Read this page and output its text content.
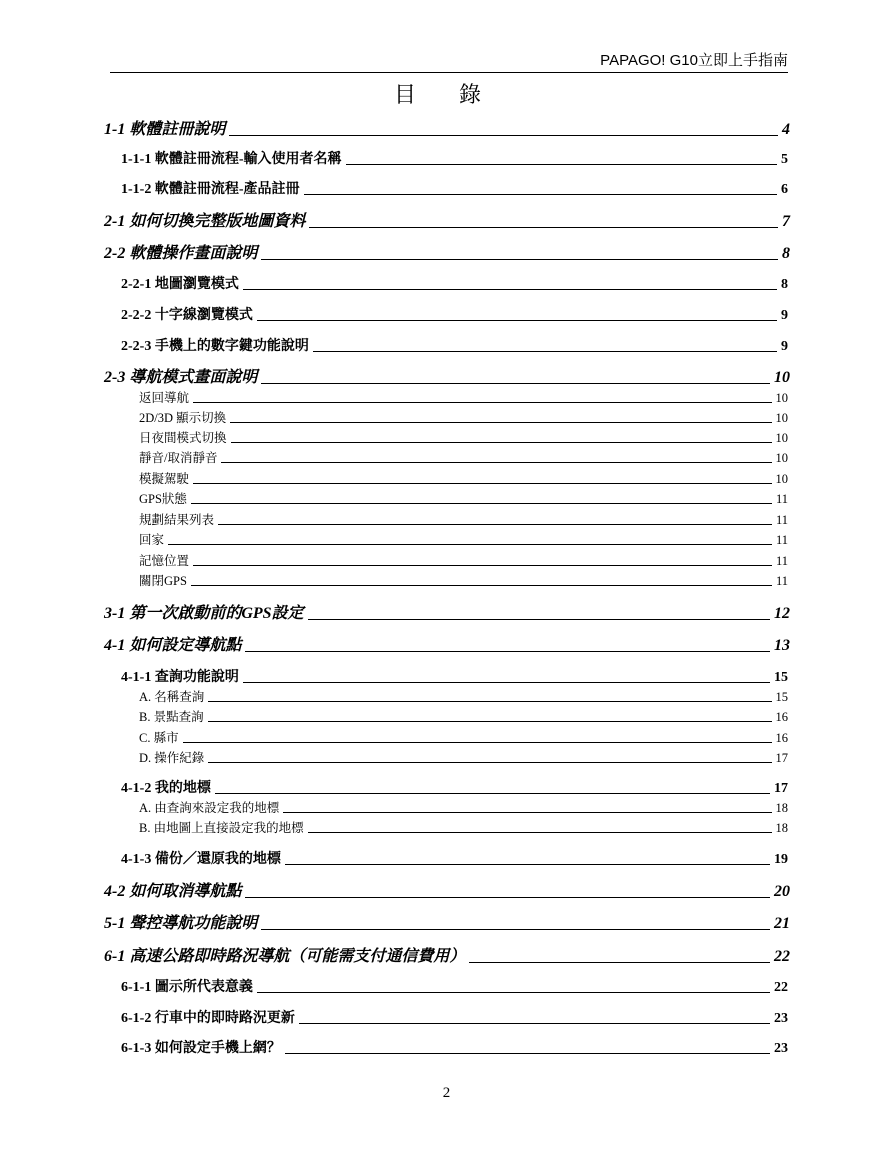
PAPAGO! G10立即上手指南
目 錄
1-1 軟體註冊說明	4
1-1-1 軟體註冊流程-輸入使用者名稱	5
1-1-2 軟體註冊流程-產品註冊	6
2-1 如何切換完整版地圖資料	7
2-2 軟體操作畫面說明	8
2-2-1 地圖瀏覽模式	8
2-2-2 十字線瀏覽模式	9
2-2-3 手機上的數字鍵功能說明	9
2-3 導航模式畫面說明	10
返回導航	10
2D/3D 顯示切換	10
日夜間模式切換	10
靜音/取消靜音	10
模擬駕駛	10
GPS狀態	11
規劃結果列表	11
回家	11
記憶位置	11
關閉GPS	11
3-1 第一次啟動前的GPS設定	12
4-1 如何設定導航點	13
4-1-1 查詢功能說明	15
A. 名稱查詢	15
B. 景點查詢	16
C. 縣市	16
D. 操作紀錄	17
4-1-2 我的地標	17
A. 由查詢來設定我的地標	18
B. 由地圖上直接設定我的地標	18
4-1-3 備份／還原我的地標	19
4-2 如何取消導航點	20
5-1 聲控導航功能說明	21
6-1 高速公路即時路況導航（可能需支付通信費用）	22
6-1-1 圖示所代表意義	22
6-1-2 行車中的即時路況更新	23
6-1-3 如何設定手機上網？	23
2
